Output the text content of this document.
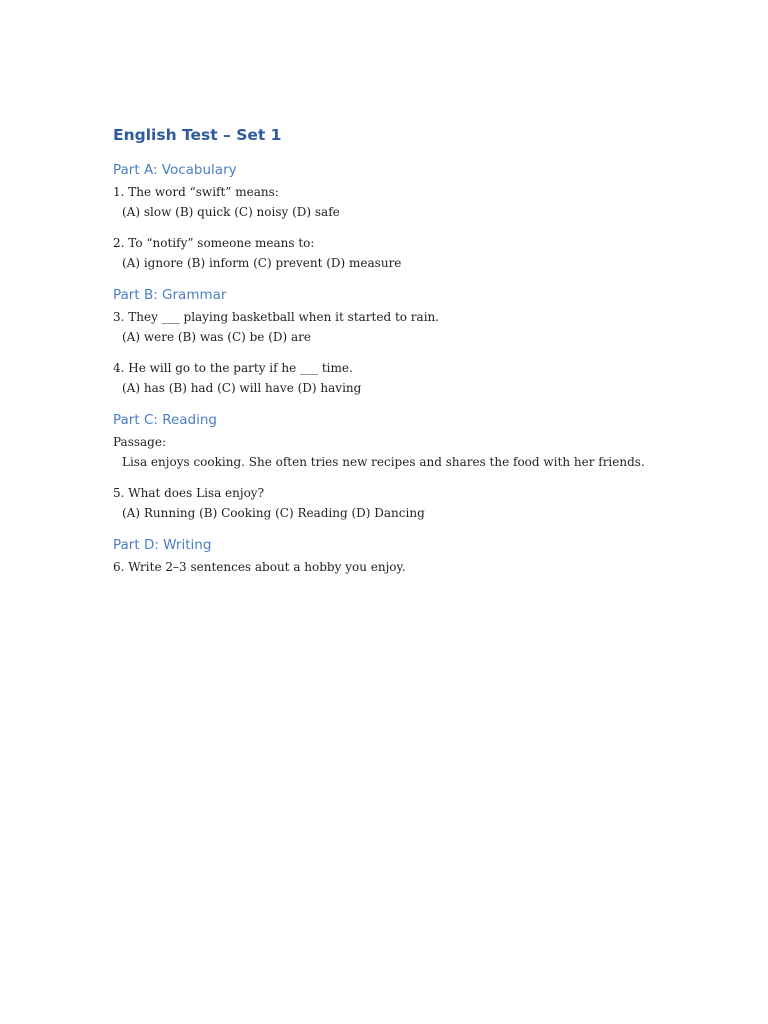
English Test – Set 1
Part A: Vocabulary
1. The word “swift” means:
(A) slow (B) quick (C) noisy (D) safe
2. To “notify” someone means to:
(A) ignore (B) inform (C) prevent (D) measure
Part B: Grammar
3. They ___ playing basketball when it started to rain.
(A) were (B) was (C) be (D) are
4. He will go to the party if he ___ time.
(A) has (B) had (C) will have (D) having
Part C: Reading
Passage:
Lisa enjoys cooking. She often tries new recipes and shares the food with her friends.
5. What does Lisa enjoy?
(A) Running (B) Cooking (C) Reading (D) Dancing
Part D: Writing
6. Write 2–3 sentences about a hobby you enjoy.
